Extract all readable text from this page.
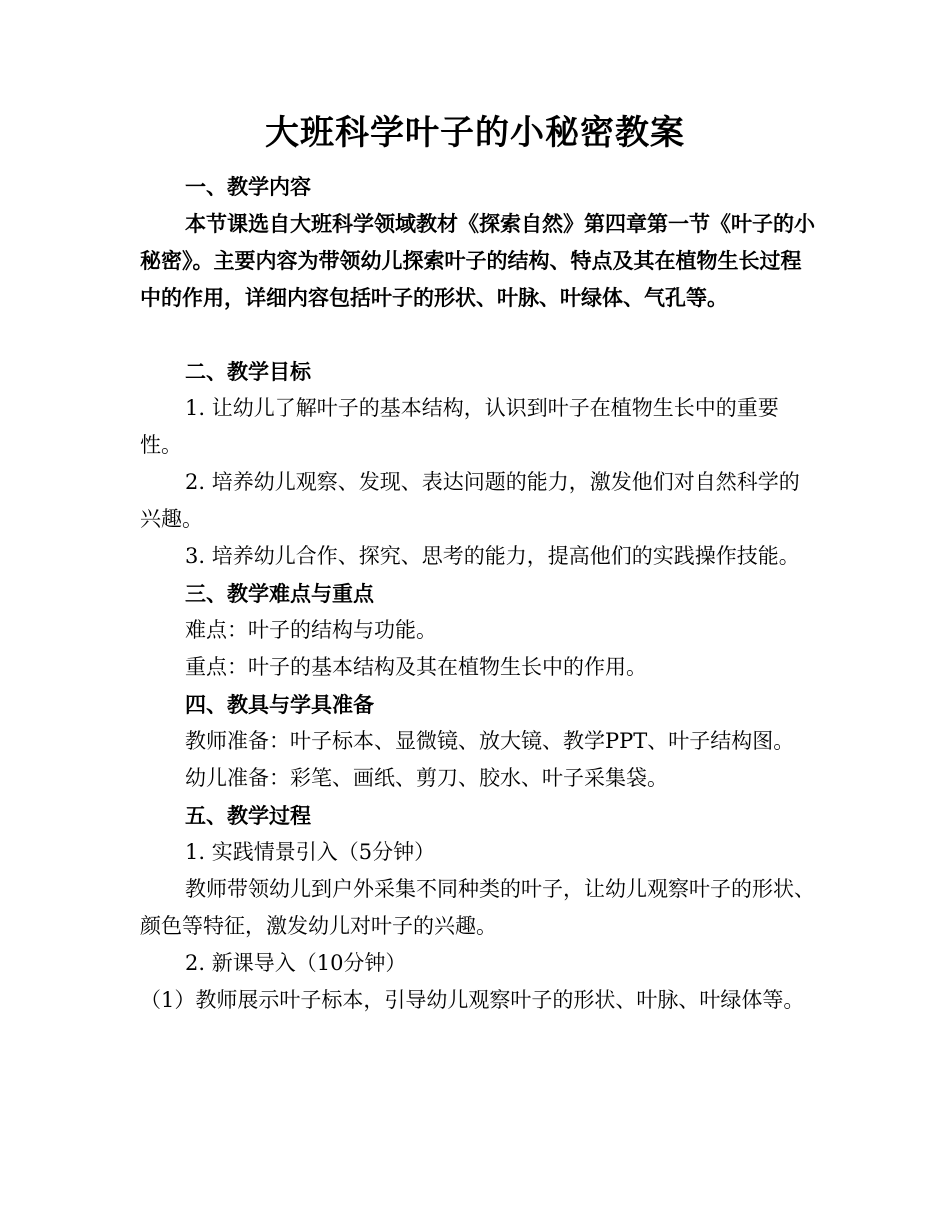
大班科学叶子的小秘密教案
一、教学内容
本节课选自大班科学领域教材《探索自然》第四章第一节《叶子的小秘密》。主要内容为带领幼儿探索叶子的结构、特点及其在植物生长过程中的作用，详细内容包括叶子的形状、叶脉、叶绿体、气孔等。
二、教学目标
1. 让幼儿了解叶子的基本结构，认识到叶子在植物生长中的重要性。
2. 培养幼儿观察、发现、表达问题的能力，激发他们对自然科学的兴趣。
3. 培养幼儿合作、探究、思考的能力，提高他们的实践操作技能。
三、教学难点与重点
难点：叶子的结构与功能。
重点：叶子的基本结构及其在植物生长中的作用。
四、教具与学具准备
教师准备：叶子标本、显微镜、放大镜、教学PPT、叶子结构图。
幼儿准备：彩笔、画纸、剪刀、胶水、叶子采集袋。
五、教学过程
1. 实践情景引入（5分钟）
教师带领幼儿到户外采集不同种类的叶子，让幼儿观察叶子的形状、颜色等特征，激发幼儿对叶子的兴趣。
2. 新课导入（10分钟）
（1）教师展示叶子标本，引导幼儿观察叶子的形状、叶脉、叶绿体等。
